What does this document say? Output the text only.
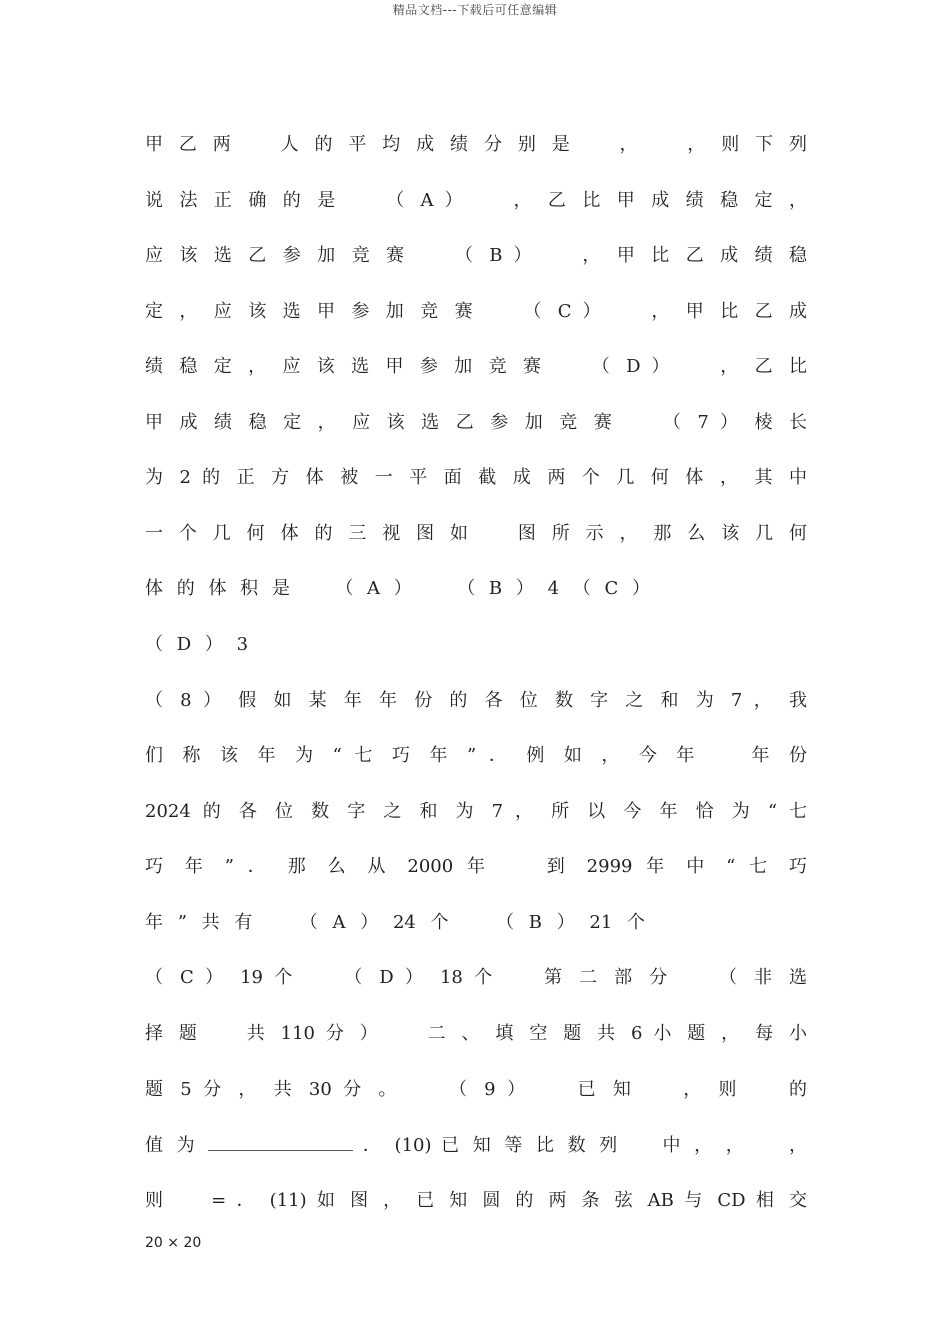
精品文档---下载后可任意编辑
甲 乙 两 　 人 的 平 均 成 绩 分 别 是 　 ， 　 ， 则 下 列
说 法 正 确 的 是 　 （ A ） 　 ， 乙 比 甲 成 绩 稳 定 ，
应 该 选 乙 参 加 竞 赛 　 （ B ） 　 ， 甲 比 乙 成 绩 稳
定 ， 应 该 选 甲 参 加 竞 赛 　 （ C ） 　 ， 甲 比 乙 成
绩 稳 定 ， 应 该 选 甲 参 加 竞 赛 　 （ D ） 　 ， 乙 比
甲 成 绩 稳 定 ， 应 该 选 乙 参 加 竞 赛 　 （ 7 ） 棱 长
为 2 的 正 方 体 被 一 平 面 截 成 两 个 几 何 体 ， 其 中
一 个 几 何 体 的 三 视 图 如 　 图 所 示 ， 那 么 该 几 何
体 的 体 积 是 　 （ A ） 　 （ B ） 4 （ C ）
（ D ） 3
（ 8 ） 假 如 某 年 年 份 的 各 位 数 字 之 和 为 7 ， 我
们 称 该 年 为 “ 七 巧 年 ” ． 例 如 ， 今 年 　 年 份
2024 的 各 位 数 字 之 和 为 7 ， 所 以 今 年 恰 为 “ 七
巧 年 ” ． 那 么 从 2000 年 　 到 2999 年 中 “ 七 巧
年 ” 共 有 　 （ A ） 24 个 　 （ B ） 21 个
（ C ） 19 个 　 （ D ） 18 个 　 第 二 部 分 　 （ 非 选
择 题 　 共 110 分 ） 　 二 、 填 空 题 共 6 小 题 ， 每 小
题 5 分 ， 共 30 分 。 　 （ 9 ） 　 已 知 　 ， 则 　 的
值 为	． (10) 已 知 等 比 数 列 　 中 ， ， 　 ，
则 　 = ． (11) 如 图 ， 已 知 圆 的 两 条 弦 AB 与 CD 相 交
20 × 20
